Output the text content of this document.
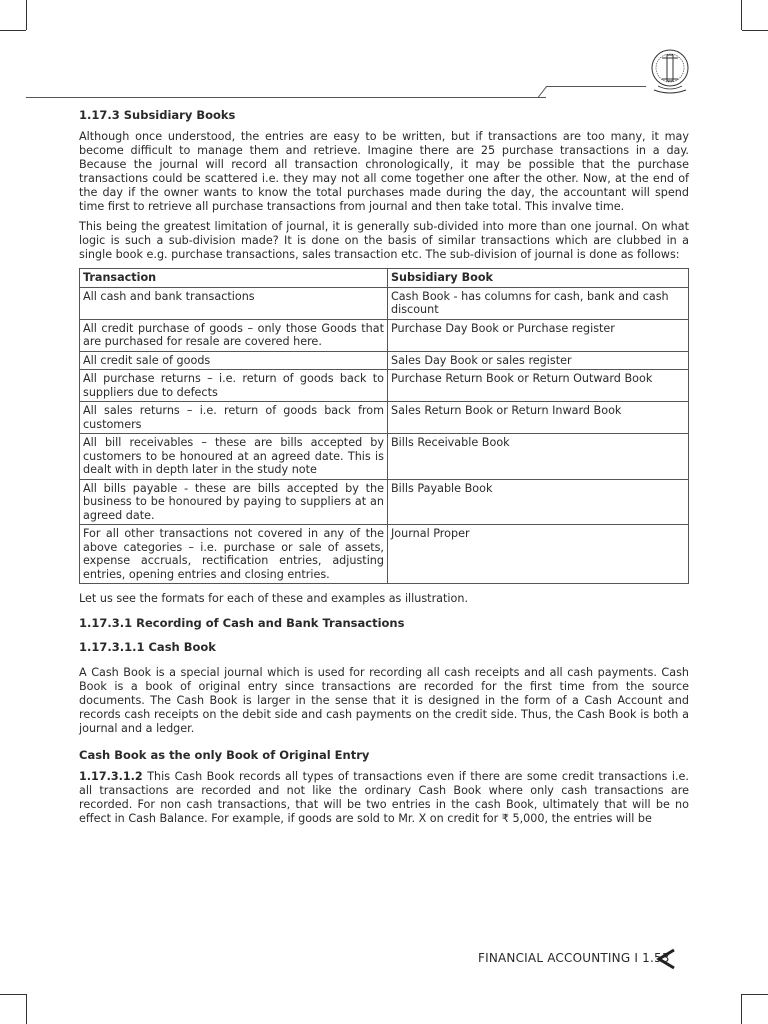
1.17.3 Subsidiary Books

Although once understood, the entries are easy to be written, but if transactions are too many, it may become difficult to manage them and retrieve. Imagine there are 25 purchase transactions in a day. Because the journal will record all transaction chronologically, it may be possible that the purchase transactions could be scattered i.e. they may not all come together one after the other. Now, at the end of the day if the owner wants to know the total purchases made during the day, the accountant will spend time first to retrieve all purchase transactions from journal and then take total. This invalve time.

This being the greatest limitation of journal, it is generally sub-divided into more than one journal. On what logic is such a sub-division made? It is done on the basis of similar transactions which are clubbed in a single book e.g. purchase transactions, sales transaction etc. The sub-division of journal is done as follows:

Transaction	Subsidiary Book
All cash and bank transactions	Cash Book - has columns for cash, bank and cash discount
All credit purchase of goods – only those Goods that are purchased for resale are covered here.	Purchase Day Book or Purchase register
All credit sale of goods	Sales Day Book or sales register
All purchase returns – i.e. return of goods back to suppliers due to defects	Purchase Return Book or Return Outward Book
All sales returns – i.e. return of goods back from customers	Sales Return Book or Return Inward Book
All bill receivables – these are bills accepted by customers to be honoured at an agreed date. This is dealt with in depth later in the study note	Bills Receivable Book
All bills payable - these are bills accepted by the business to be honoured by paying to suppliers at an agreed date.	Bills Payable Book
For all other transactions not covered in any of the above categories – i.e. purchase or sale of assets, expense accruals, rectification entries, adjusting entries, opening entries and closing entries.	Journal Proper

Let us see the formats for each of these and examples as illustration.

1.17.3.1 Recording of Cash and Bank Transactions
1.17.3.1.1 Cash Book

A Cash Book is a special journal which is used for recording all cash receipts and all cash payments. Cash Book is a book of original entry since transactions are recorded for the first time from the source documents. The Cash Book is larger in the sense that it is designed in the form of a Cash Account and records cash receipts on the debit side and cash payments on the credit side. Thus, the Cash Book is both a journal and a ledger.

Cash Book as the only Book of Original Entry

1.17.3.1.2 This Cash Book records all types of transactions even if there are some credit transactions i.e. all transactions are recorded and not like the ordinary Cash Book where only cash transactions are recorded. For non cash transactions, that will be two entries in the cash Book, ultimately that will be no effect in Cash Balance. For example, if goods are sold to Mr. X on credit for ₹ 5,000, the entries will be

FINANCIAL ACCOUNTING I 1.53
